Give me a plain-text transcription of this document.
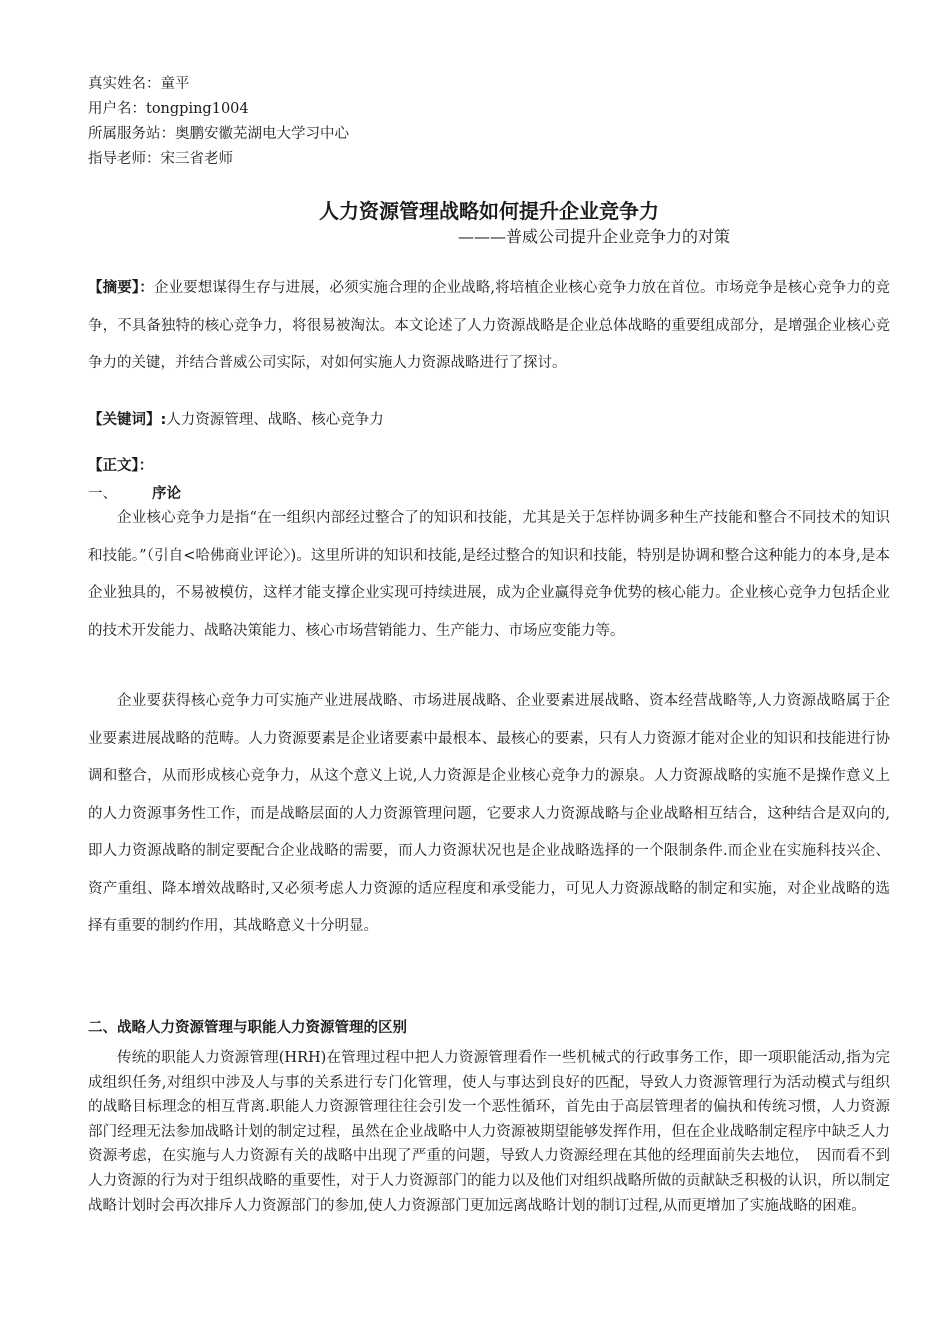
真实姓名：童平
用户名：tongping1004
所属服务站：奥鹏安徽芜湖电大学习中心
指导老师：宋三省老师
人力资源管理战略如何提升企业竞争力
———普威公司提升企业竞争力的对策
【摘要】：企业要想谋得生存与进展，必须实施合理的企业战略,将培植企业核心竞争力放在首位。市场竞争是核心竞争力的竞争，不具备独特的核心竞争力，将很易被淘汰。本文论述了人力资源战略是企业总体战略的重要组成部分，是增强企业核心竞争力的关键，并结合普威公司实际，对如何实施人力资源战略进行了探讨。
【关键词】:人力资源管理、战略、核心竞争力
【正文】：
一、 序论

企业核心竞争力是指“在一组织内部经过整合了的知识和技能，尤其是关于怎样协调多种生产技能和整合不同技术的知识和技能。”（引自<哈佛商业评论〉)。这里所讲的知识和技能,是经过整合的知识和技能，特别是协调和整合这种能力的本身,是本企业独具的，不易被模仿，这样才能支撑企业实现可持续进展，成为企业赢得竞争优势的核心能力。企业核心竞争力包括企业的技术开发能力、战略决策能力、核心市场营销能力、生产能力、市场应变能力等。

企业要获得核心竞争力可实施产业进展战略、市场进展战略、企业要素进展战略、资本经营战略等,人力资源战略属于企业要素进展战略的范畴。人力资源要素是企业诸要素中最根本、最核心的要素，只有人力资源才能对企业的知识和技能进行协调和整合，从而形成核心竞争力，从这个意义上说,人力资源是企业核心竞争力的源泉。人力资源战略的实施不是操作意义上的人力资源事务性工作，而是战略层面的人力资源管理问题，它要求人力资源战略与企业战略相互结合，这种结合是双向的,即人力资源战略的制定要配合企业战略的需要，而人力资源状况也是企业战略选择的一个限制条件.而企业在实施科技兴企、资产重组、降本增效战略时,又必须考虑人力资源的适应程度和承受能力，可见人力资源战略的制定和实施，对企业战略的选择有重要的制约作用，其战略意义十分明显。

二、战略人力资源管理与职能人力资源管理的区别

传统的职能人力资源管理(HRH)在管理过程中把人力资源管理看作一些机械式的行政事务工作，即一项职能活动,指为完成组织任务,对组织中涉及人与事的关系进行专门化管理，使人与事达到良好的匹配，导致人力资源管理行为活动模式与组织的战略目标理念的相互背离.职能人力资源管理往往会引发一个恶性循环，首先由于高层管理者的偏执和传统习惯，人力资源部门经理无法参加战略计划的制定过程，虽然在企业战略中人力资源被期望能够发挥作用，但在企业战略制定程序中缺乏人力资源考虑，在实施与人力资源有关的战略中出现了严重的问题，导致人力资源经理在其他的经理面前失去地位，　因而看不到人力资源的行为对于组织战略的重要性，对于人力资源部门的能力以及他们对组织战略所做的贡献缺乏积极的认识，所以制定战略计划时会再次排斥人力资源部门的参加,使人力资源部门更加远离战略计划的制订过程,从而更增加了实施战略的困难。
